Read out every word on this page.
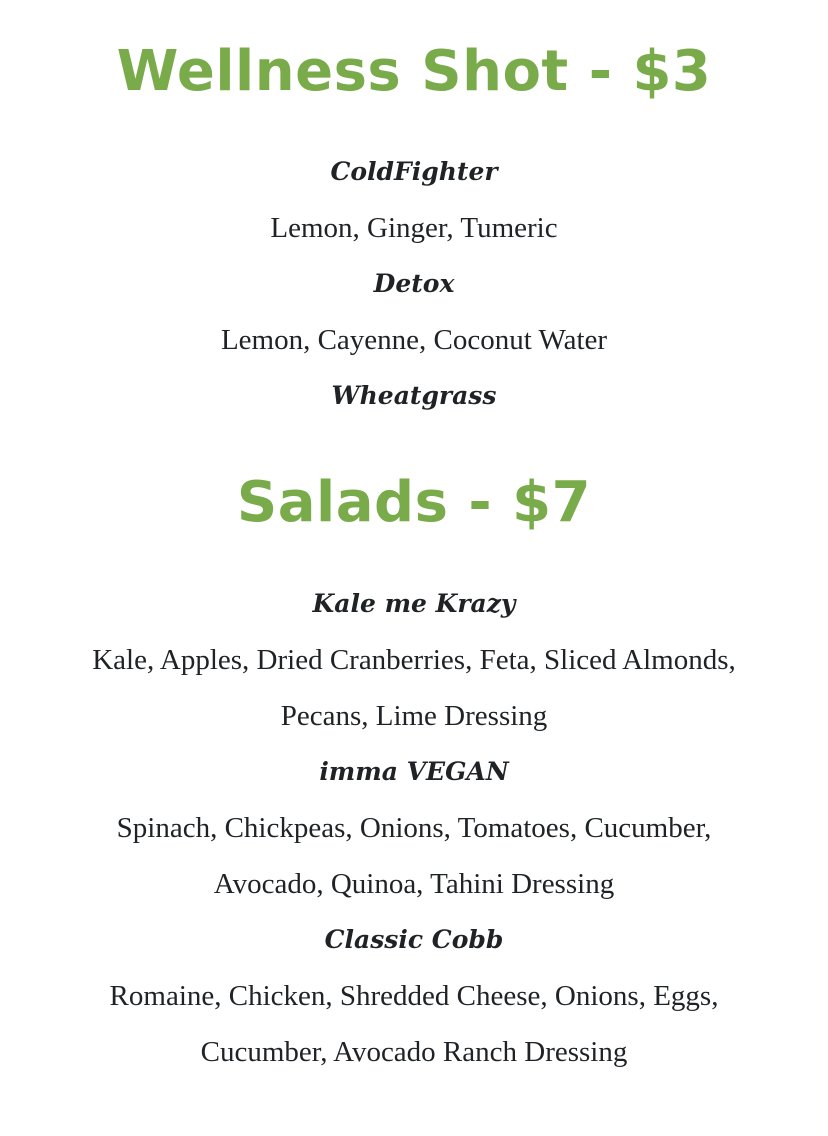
Wellness Shot - $3

ColdFighter

Lemon, Ginger, Tumeric

Detox

Lemon, Cayenne, Coconut Water

Wheatgrass

Salads - $7

Kale me Krazy

Kale, Apples, Dried Cranberries, Feta, Sliced Almonds, Pecans, Lime Dressing

imma VEGAN

Spinach, Chickpeas, Onions, Tomatoes, Cucumber, Avocado, Quinoa, Tahini Dressing

Classic Cobb

Romaine, Chicken, Shredded Cheese, Onions, Eggs, Cucumber, Avocado Ranch Dressing
